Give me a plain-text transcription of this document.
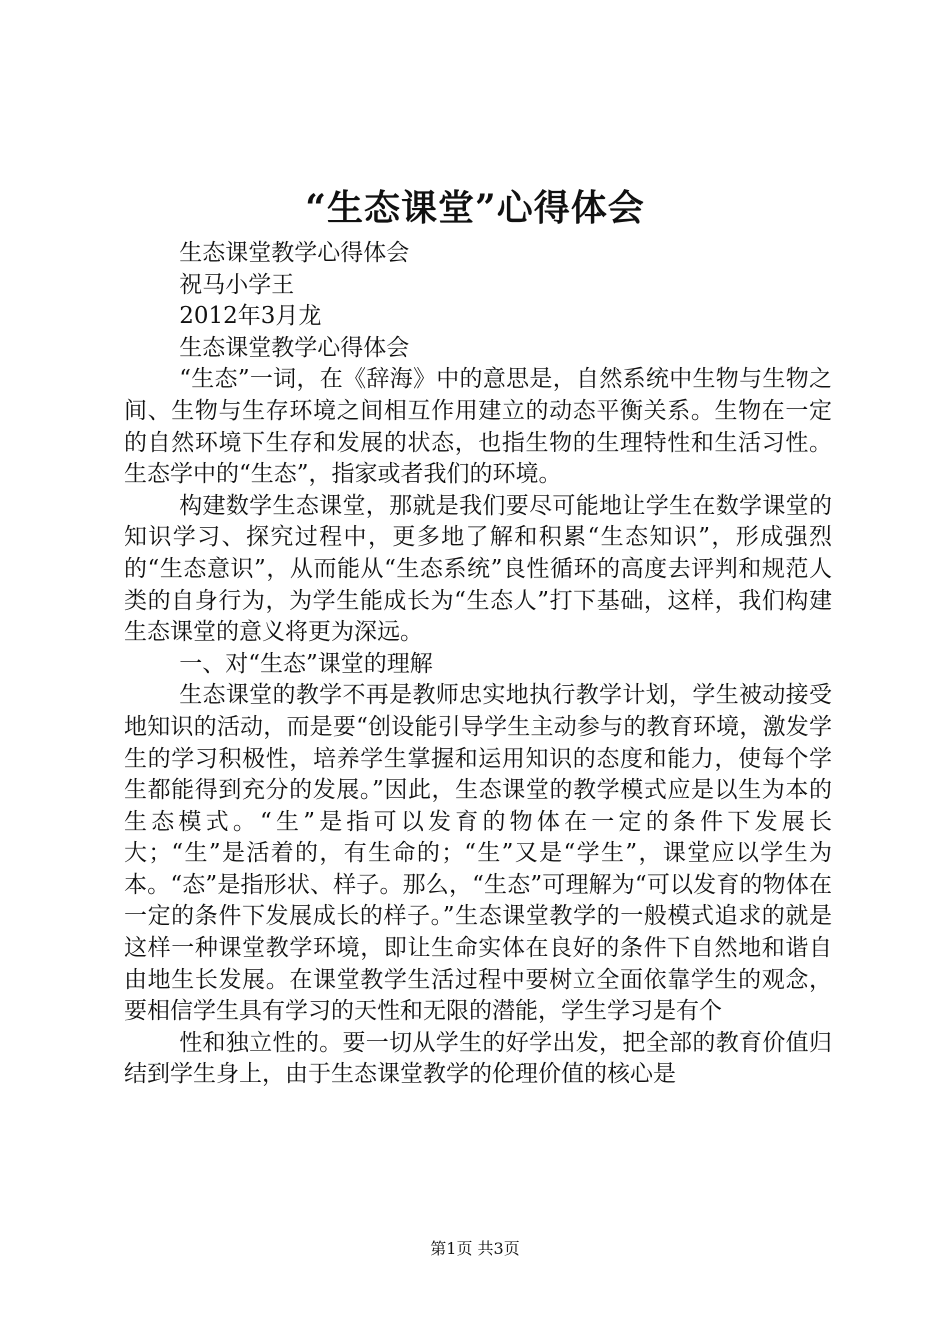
“生态课堂”心得体会

生态课堂教学心得体会

祝马小学王

2012年3月龙

生态课堂教学心得体会

“生态”一词，在《辞海》中的意思是，自然系统中生物与生物之间、生物与生存环境之间相互作用建立的动态平衡关系。生物在一定的自然环境下生存和发展的状态，也指生物的生理特性和生活习性。生态学中的“生态”，指家或者我们的环境。

构建数学生态课堂，那就是我们要尽可能地让学生在数学课堂的知识学习、探究过程中，更多地了解和积累“生态知识”，形成强烈的“生态意识”，从而能从“生态系统”良性循环的高度去评判和规范人类的自身行为，为学生能成长为“生态人”打下基础，这样，我们构建生态课堂的意义将更为深远。

一、对“生态”课堂的理解

生态课堂的教学不再是教师忠实地执行教学计划，学生被动接受地知识的活动，而是要“创设能引导学生主动参与的教育环境，激发学生的学习积极性，培养学生掌握和运用知识的态度和能力，使每个学生都能得到充分的发展。”因此，生态课堂的教学模式应是以生为本的生态模式。“生”是指可以发育的物体在一定的条件下发展长大；“生”是活着的，有生命的；“生”又是“学生”，课堂应以学生为本。“态”是指形状、样子。那么，“生态”可理解为“可以发育的物体在一定的条件下发展成长的样子。”生态课堂教学的一般模式追求的就是这样一种课堂教学环境，即让生命实体在良好的条件下自然地和谐自由地生长发展。在课堂教学生活过程中要树立全面依靠学生的观念，要相信学生具有学习的天性和无限的潜能，学生学习是有个

性和独立性的。要一切从学生的好学出发，把全部的教育价值归结到学生身上，由于生态课堂教学的伦理价值的核心是

第1页 共3页
